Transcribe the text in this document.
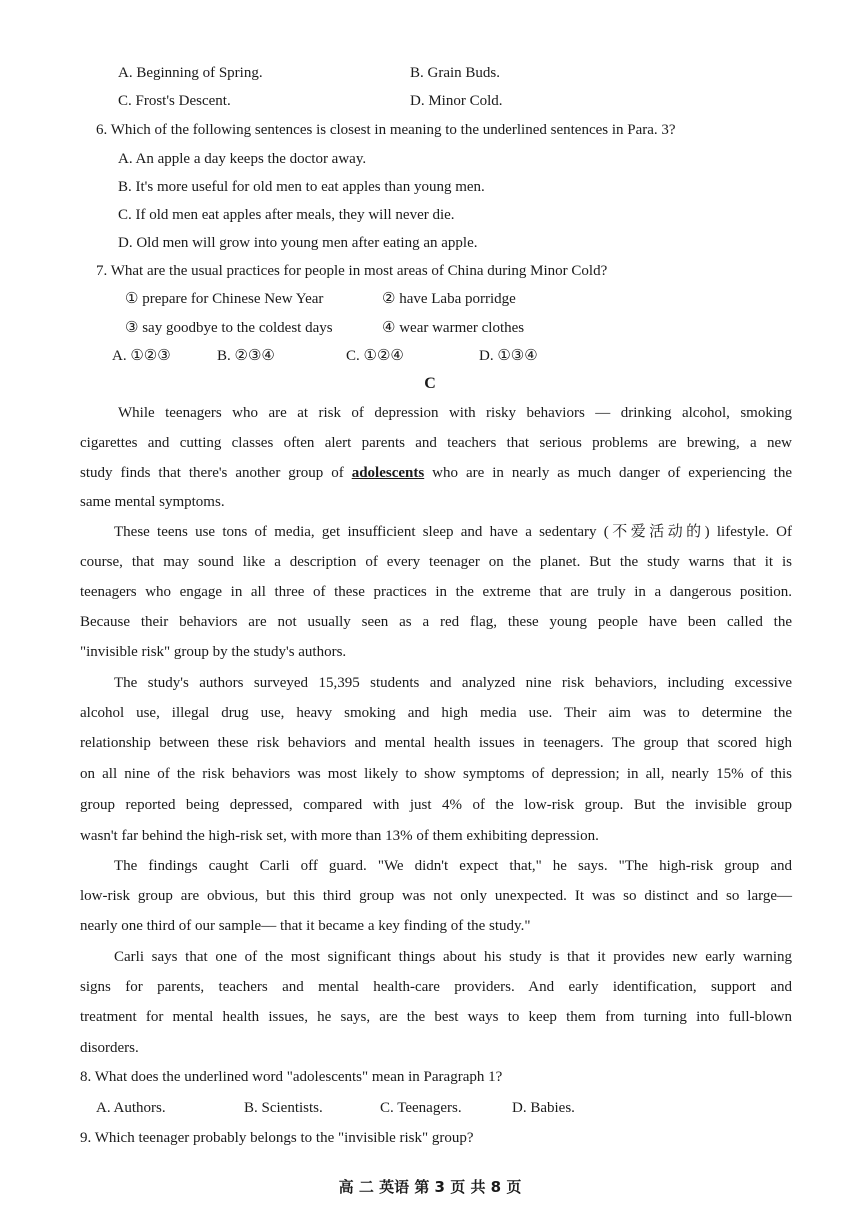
A. Beginning of Spring.	B. Grain Buds.
C. Frost's Descent.	D. Minor Cold.
6. Which of the following sentences is closest in meaning to the underlined sentences in Para. 3?
A. An apple a day keeps the doctor away.
B. It's more useful for old men to eat apples than young men.
C. If old men eat apples after meals, they will never die.
D. Old men will grow into young men after eating an apple.
7. What are the usual practices for people in most areas of China during Minor Cold?
① prepare for Chinese New Year	② have Laba porridge
③ say goodbye to the coldest days	④ wear warmer clothes
A. ①②③	B. ②③④	C. ①②④	D. ①③④
C
While teenagers who are at risk of depression with risky behaviors — drinking alcohol, smoking
cigarettes and cutting classes often alert parents and teachers that serious problems are brewing, a new
study finds that there's another group of adolescents who are in nearly as much danger of experiencing the
same mental symptoms.
These teens use tons of media, get insufficient sleep and have a sedentary (不爱活动的) lifestyle. Of
course, that may sound like a description of every teenager on the planet. But the study warns that it is
teenagers who engage in all three of these practices in the extreme that are truly in a dangerous position.
Because their behaviors are not usually seen as a red flag, these young people have been called the
"invisible risk" group by the study's authors.
The study's authors surveyed 15,395 students and analyzed nine risk behaviors, including excessive
alcohol use, illegal drug use, heavy smoking and high media use. Their aim was to determine the
relationship between these risk behaviors and mental health issues in teenagers. The group that scored high
on all nine of the risk behaviors was most likely to show symptoms of depression; in all, nearly 15% of this
group reported being depressed, compared with just 4% of the low-risk group. But the invisible group
wasn't far behind the high-risk set, with more than 13% of them exhibiting depression.
The findings caught Carli off guard. "We didn't expect that," he says. "The high-risk group and
low-risk group are obvious, but this third group was not only unexpected. It was so distinct and so large—
nearly one third of our sample— that it became a key finding of the study."
Carli says that one of the most significant things about his study is that it provides new early warning
signs for parents, teachers and mental health-care providers. And early identification, support and
treatment for mental health issues, he says, are the best ways to keep them from turning into full-blown
disorders.
8. What does the underlined word "adolescents" mean in Paragraph 1?
A. Authors.	B. Scientists.	C. Teenagers.	D. Babies.
9. Which teenager probably belongs to the "invisible risk" group?
高 二 英语 第 3 页 共 8 页
